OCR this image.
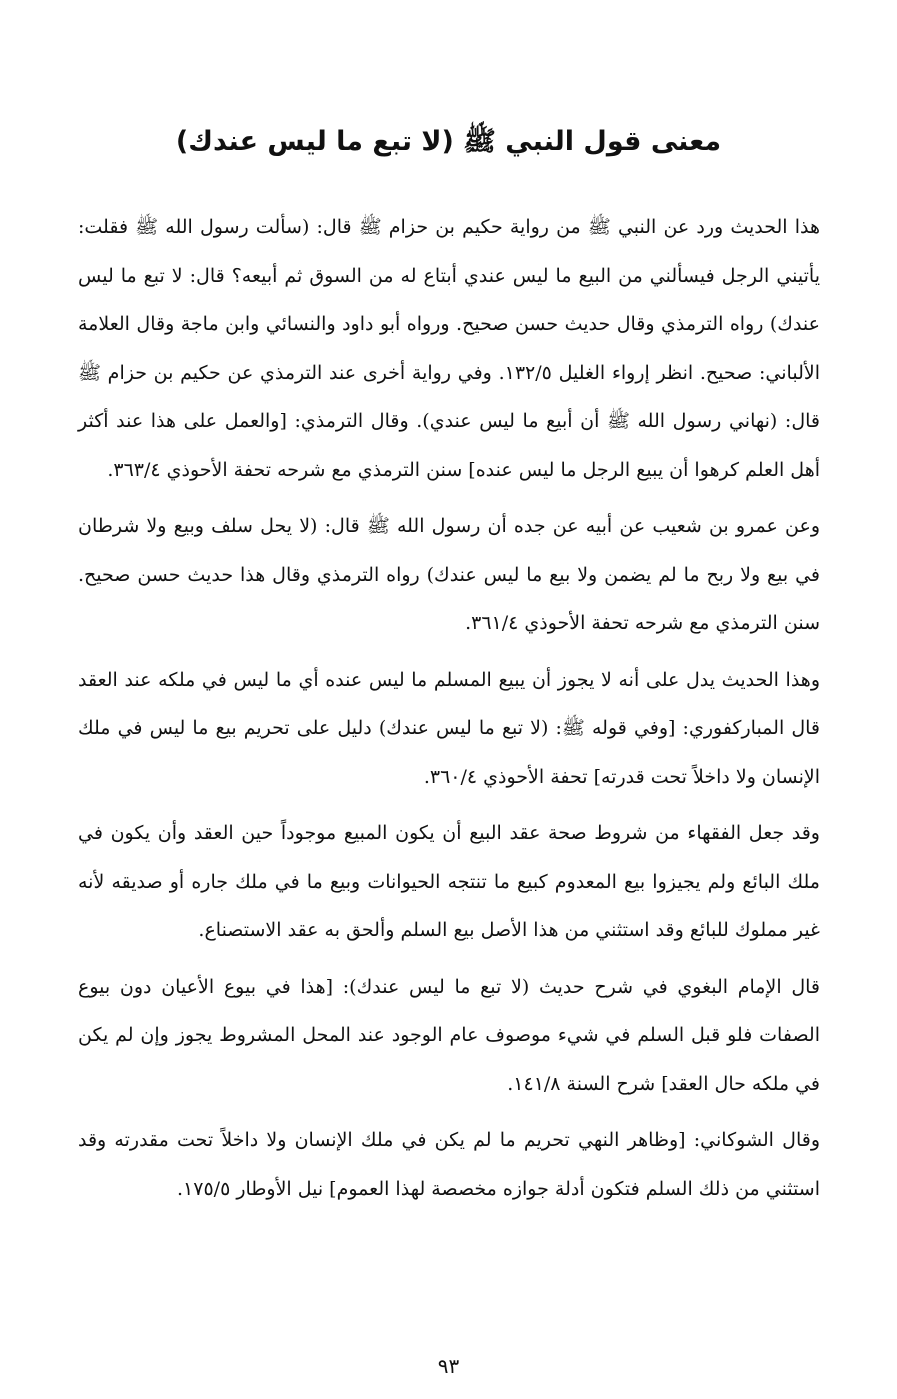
معنى قول النبي ﷺ (لا تبع ما ليس عندك)

هذا الحديث ورد عن النبي ﷺ من رواية حكيم بن حزام ﷺ قال: (سألت رسول الله ﷺ فقلت: يأتيني الرجل فيسألني من البيع ما ليس عندي أبتاع له من السوق ثم أبيعه؟ قال: لا تبع ما ليس عندك) رواه الترمذي وقال حديث حسن صحيح. ورواه أبو داود والنسائي وابن ماجة وقال العلامة الألباني: صحيح. انظر إرواء الغليل ١٣٢/٥. وفي رواية أخرى عند الترمذي عن حكيم بن حزام ﷺ قال: (نهاني رسول الله ﷺ أن أبيع ما ليس عندي). وقال الترمذي: [والعمل على هذا عند أكثر أهل العلم كرهوا أن يبيع الرجل ما ليس عنده] سنن الترمذي مع شرحه تحفة الأحوذي ٣٦٣/٤.

وعن عمرو بن شعيب عن أبيه عن جده أن رسول الله ﷺ قال: (لا يحل سلف وبيع ولا شرطان في بيع ولا ربح ما لم يضمن ولا بيع ما ليس عندك) رواه الترمذي وقال هذا حديث حسن صحيح. سنن الترمذي مع شرحه تحفة الأحوذي ٣٦١/٤.

وهذا الحديث يدل على أنه لا يجوز أن يبيع المسلم ما ليس عنده أي ما ليس في ملكه عند العقد قال المباركفوري: [وفي قوله ﷺ: (لا تبع ما ليس عندك) دليل على تحريم بيع ما ليس في ملك الإنسان ولا داخلاً تحت قدرته] تحفة الأحوذي ٣٦٠/٤.

وقد جعل الفقهاء من شروط صحة عقد البيع أن يكون المبيع موجوداً حين العقد وأن يكون في ملك البائع ولم يجيزوا بيع المعدوم كبيع ما تنتجه الحيوانات وبيع ما في ملك جاره أو صديقه لأنه غير مملوك للبائع وقد استثني من هذا الأصل بيع السلم وألحق به عقد الاستصناع.

قال الإمام البغوي في شرح حديث (لا تبع ما ليس عندك): [هذا في بيوع الأعيان دون بيوع الصفات فلو قبل السلم في شيء موصوف عام الوجود عند المحل المشروط يجوز وإن لم يكن في ملكه حال العقد] شرح السنة ١٤١/٨.

وقال الشوكاني: [وظاهر النهي تحريم ما لم يكن في ملك الإنسان ولا داخلاً تحت مقدرته وقد استثني من ذلك السلم فتكون أدلة جوازه مخصصة لهذا العموم] نيل الأوطار ١٧٥/٥.

٩٣
